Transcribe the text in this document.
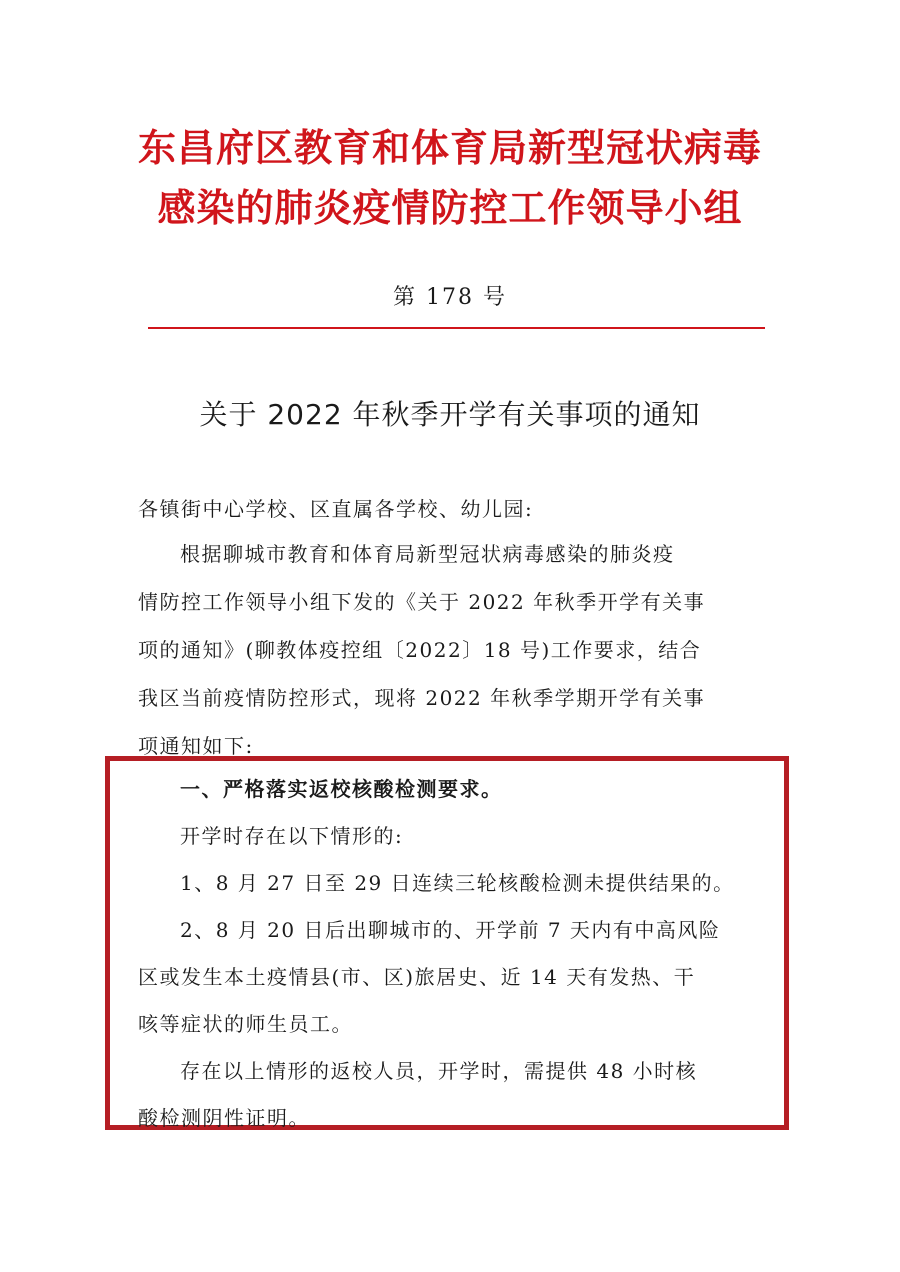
东昌府区教育和体育局新型冠状病毒
感染的肺炎疫情防控工作领导小组
第 178 号
关于 2022 年秋季开学有关事项的通知
各镇街中心学校、区直属各学校、幼儿园:
根据聊城市教育和体育局新型冠状病毒感染的肺炎疫
情防控工作领导小组下发的《关于 2022 年秋季开学有关事
项的通知》(聊教体疫控组〔2022〕18 号)工作要求，结合
我区当前疫情防控形式，现将 2022 年秋季学期开学有关事
项通知如下:
一、严格落实返校核酸检测要求。
开学时存在以下情形的:
1、8 月 27 日至 29 日连续三轮核酸检测未提供结果的。
2、8 月 20 日后出聊城市的、开学前 7 天内有中高风险
区或发生本土疫情县(市、区)旅居史、近 14 天有发热、干
咳等症状的师生员工。
存在以上情形的返校人员，开学时，需提供 48 小时核
酸检测阴性证明。
